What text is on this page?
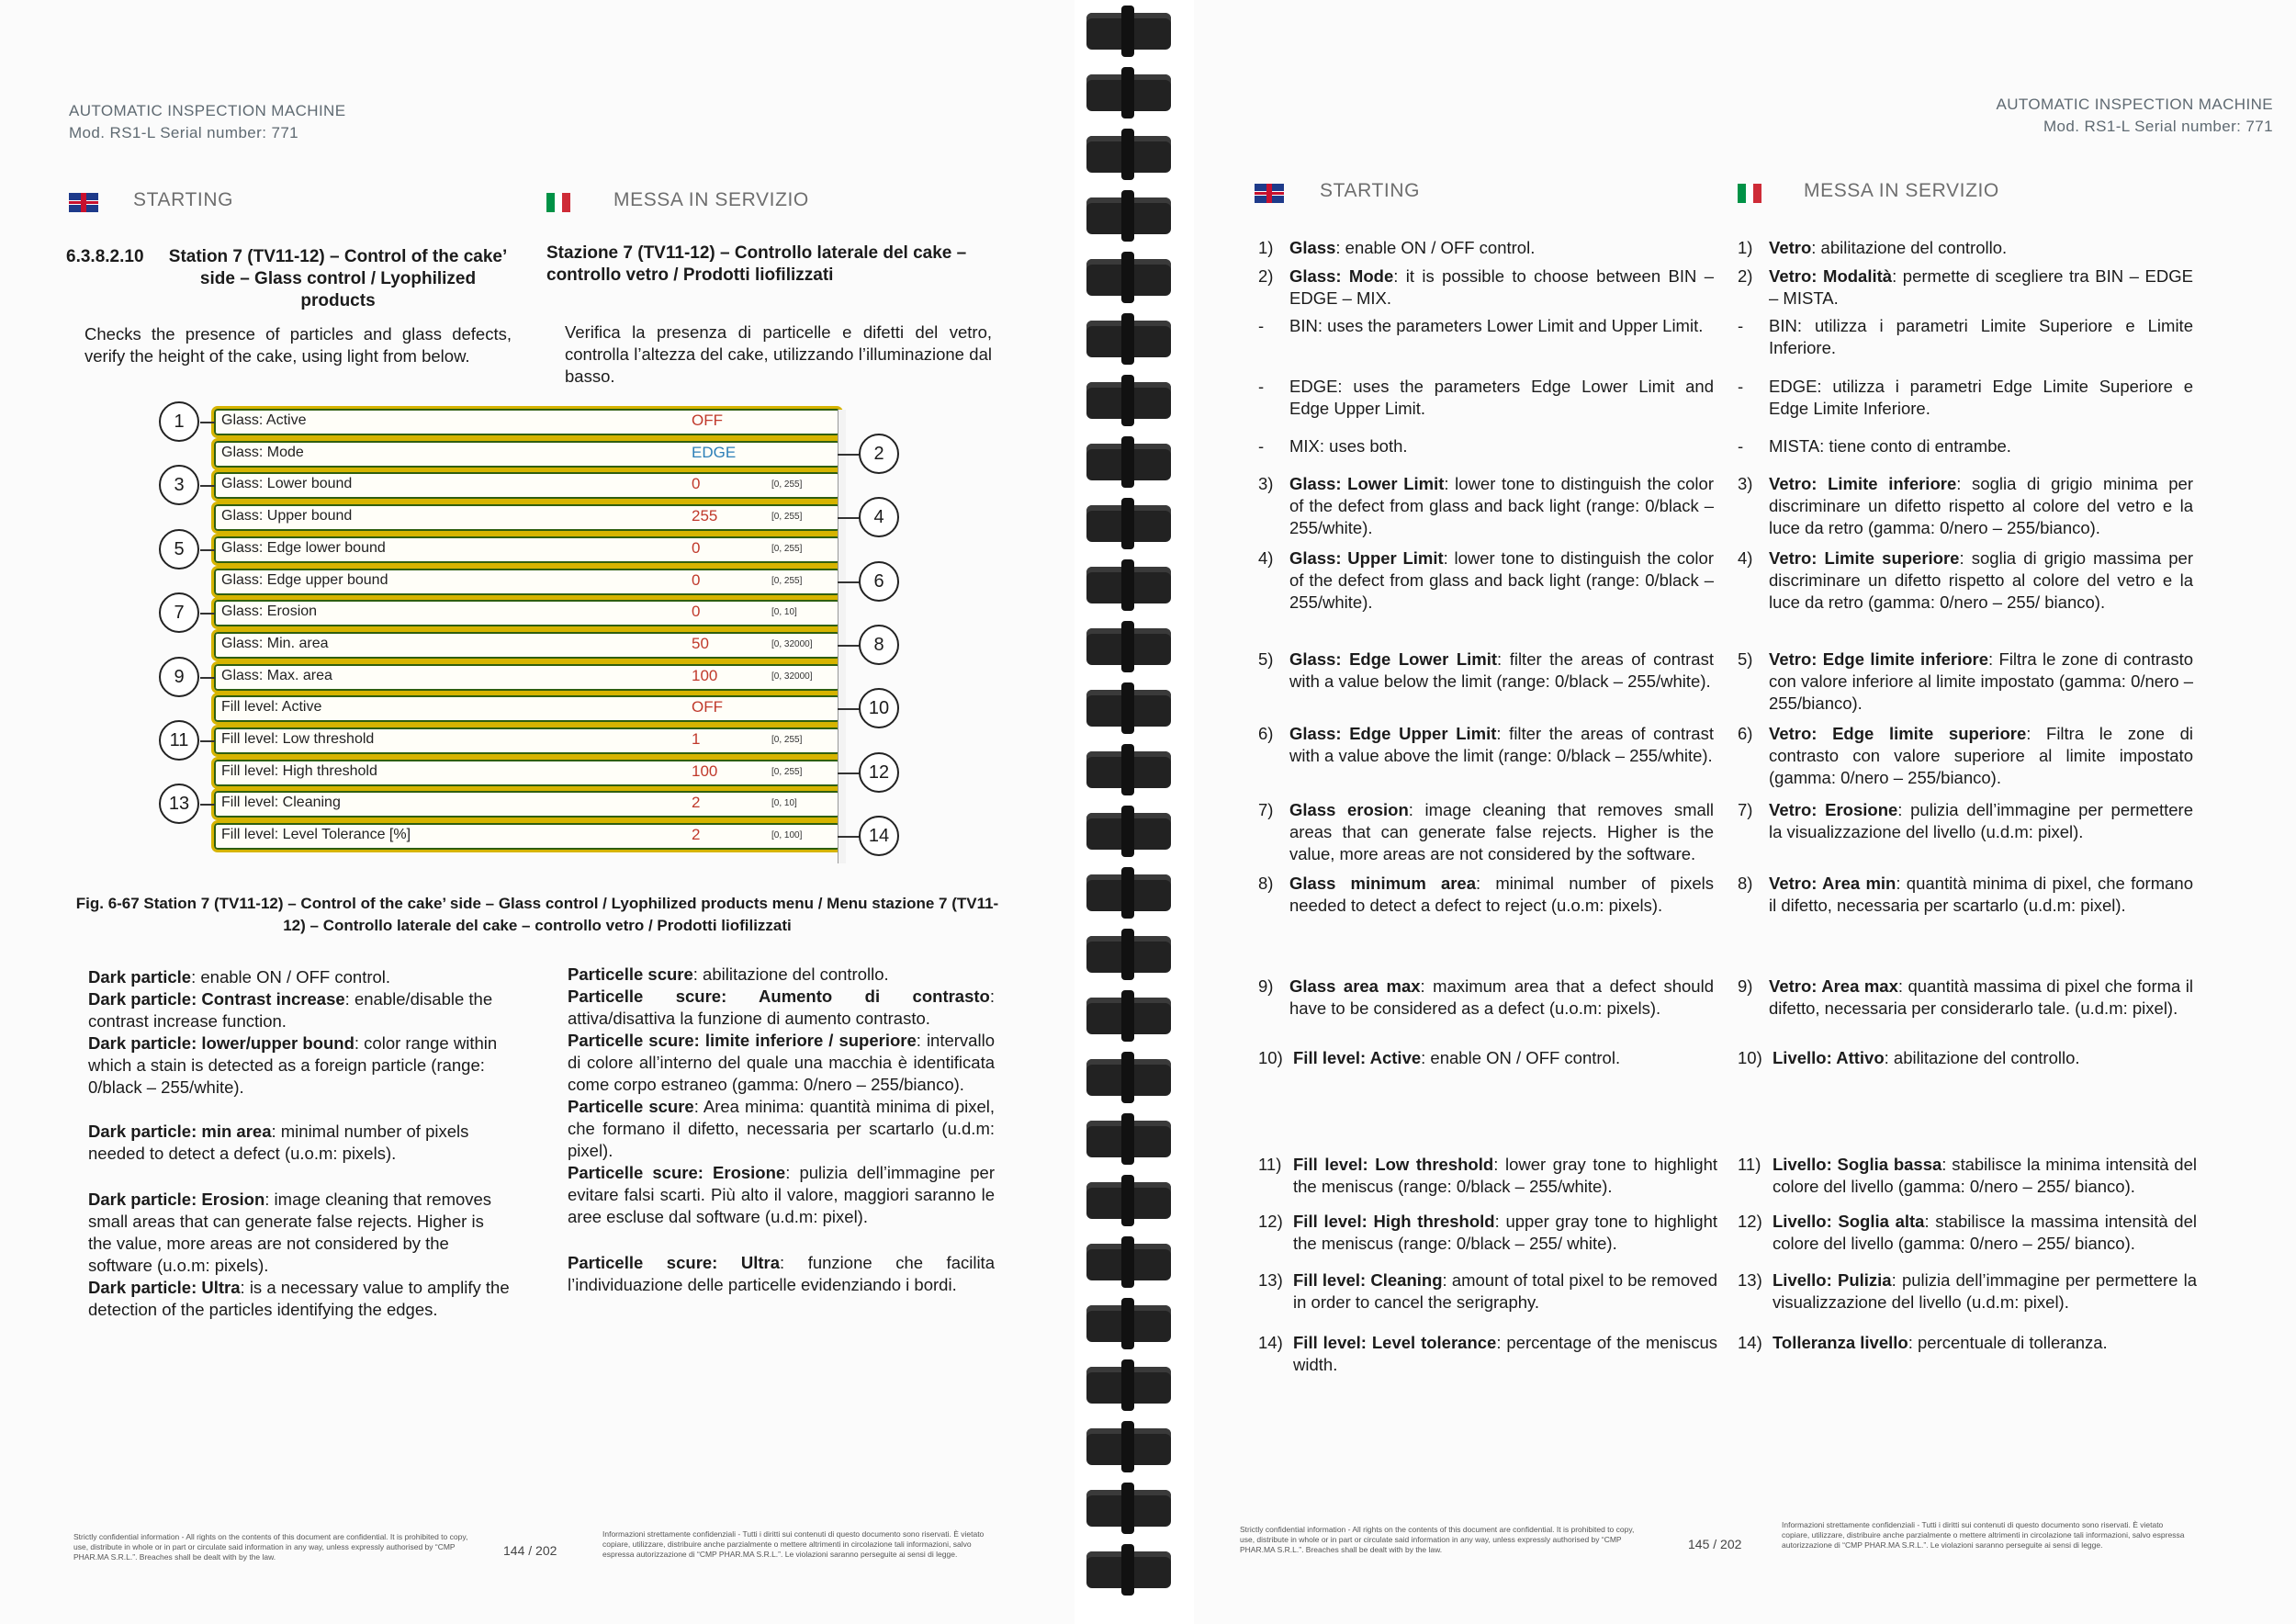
AUTOMATIC INSPECTION MACHINE
Mod. RS1-L Serial number: 771
STARTING	MESSA IN SERVIZIO
6.3.8.2.10 Station 7 (TV11-12) – Control of the cake’ side – Glass control / Lyophilized products
Stazione 7 (TV11-12) – Controllo laterale del cake – controllo vetro / Prodotti liofilizzati
Checks the presence of particles and glass defects, verify the height of the cake, using light from below.
Verifica la presenza di particelle e difetti del vetro, controlla l’altezza del cake, utilizzando l’illuminazione dal basso.
Glass: Active	OFF
Glass: Mode	EDGE
Glass: Lower bound	0	[0, 255]
Glass: Upper bound	255	[0, 255]
Glass: Edge lower bound	0	[0, 255]
Glass: Edge upper bound	0	[0, 255]
Glass: Erosion	0	[0, 10]
Glass: Min. area	50	[0, 32000]
Glass: Max. area	100	[0, 32000]
Fill level: Active	OFF
Fill level: Low threshold	1	[0, 255]
Fill level: High threshold	100	[0, 255]
Fill level: Cleaning	2	[0, 10]
Fill level: Level Tolerance [%]	2	[0, 100]
Fig. 6-67 Station 7 (TV11-12) – Control of the cake’ side – Glass control / Lyophilized products menu / Menu stazione 7 (TV11-12) – Controllo laterale del cake – controllo vetro / Prodotti liofilizzati
Dark particle: enable ON / OFF control.
Dark particle: Contrast increase: enable/disable the contrast increase function.
Dark particle: lower/upper bound: color range within which a stain is detected as a foreign particle (range: 0/black – 255/white).
Dark particle: min area: minimal number of pixels needed to detect a defect (u.o.m: pixels).
Dark particle: Erosion: image cleaning that removes small areas that can generate false rejects. Higher is the value, more areas are not considered by the software (u.o.m: pixels).
Dark particle: Ultra: is a necessary value to amplify the detection of the particles identifying the edges.
Particelle scure: abilitazione del controllo.
Particelle scure: Aumento di contrasto: attiva/disattiva la funzione di aumento contrasto.
Particelle scure: limite inferiore / superiore: intervallo di colore all’interno del quale una macchia è identificata come corpo estraneo (gamma: 0/nero – 255/bianco).
Particelle scure: Area minima: quantità minima di pixel, che formano il difetto, necessaria per scartarlo (u.d.m: pixel).
Particelle scure: Erosione: pulizia dell’immagine per evitare falsi scarti. Più alto il valore, maggiori saranno le aree escluse dal software (u.d.m: pixel).
Particelle scure: Ultra: funzione che facilita l’individuazione delle particelle evidenziando i bordi.
Strictly confidential information - All rights on the contents of this document are confidential. It is prohibited to copy, use, distribute in whole or in part or circulate said information in any way, unless expressly authorised by “CMP PHAR.MA S.R.L.”. Breaches shall be dealt with by the law.	144 / 202
Informazioni strettamente confidenziali - Tutti i diritti sui contenuti di questo documento sono riservati. È vietato copiare, utilizzare, distribuire anche parzialmente o mettere altrimenti in circolazione tali informazioni, salvo espressa autorizzazione di “CMP PHAR.MA S.R.L.”. Le violazioni saranno perseguite ai sensi di legge.
1
2
3
4
5
6
7
8
9
10
11
12
13
14
AUTOMATIC INSPECTION MACHINE
Mod. RS1-L Serial number: 771
STARTING	MESSA IN SERVIZIO
1) Glass: enable ON / OFF control.
2) Glass: Mode: it is possible to choose between BIN – EDGE – MIX.
- BIN: uses the parameters Lower Limit and Upper Limit.
- EDGE: uses the parameters Edge Lower Limit and Edge Upper Limit.
- MIX: uses both.
3) Glass: Lower Limit: lower tone to distinguish the color of the defect from glass and back light (range: 0/black – 255/white).
4) Glass: Upper Limit: lower tone to distinguish the color of the defect from glass and back light (range: 0/black – 255/white).
5) Glass: Edge Lower Limit: filter the areas of contrast with a value below the limit (range: 0/black – 255/white).
6) Glass: Edge Upper Limit: filter the areas of contrast with a value above the limit (range: 0/black – 255/white).
7) Glass erosion: image cleaning that removes small areas that can generate false rejects. Higher is the value, more areas are not considered by the software.
8) Glass minimum area: minimal number of pixels needed to detect a defect to reject (u.o.m: pixels).
9) Glass area max: maximum area that a defect should have to be considered as a defect (u.o.m: pixels).
10) Fill level: Active: enable ON / OFF control.
11) Fill level: Low threshold: lower gray tone to highlight the meniscus (range: 0/black – 255/white).
12) Fill level: High threshold: upper gray tone to highlight the meniscus (range: 0/black – 255/ white).
13) Fill level: Cleaning: amount of total pixel to be removed in order to cancel the serigraphy.
14) Fill level: Level tolerance: percentage of the meniscus width.
1) Vetro: abilitazione del controllo.
2) Vetro: Modalità: permette di scegliere tra BIN – EDGE – MISTA.
- BIN: utilizza i parametri Limite Superiore e Limite Inferiore.
- EDGE: utilizza i parametri Edge Limite Superiore e Edge Limite Inferiore.
- MISTA: tiene conto di entrambe.
3) Vetro: Limite inferiore: soglia di grigio minima per discriminare un difetto rispetto al colore del vetro e la luce da retro (gamma: 0/nero – 255/bianco).
4) Vetro: Limite superiore: soglia di grigio massima per discriminare un difetto rispetto al colore del vetro e la luce da retro (gamma: 0/nero – 255/ bianco).
5) Vetro: Edge limite inferiore: Filtra le zone di contrasto con valore inferiore al limite impostato (gamma: 0/nero – 255/bianco).
6) Vetro: Edge limite superiore: Filtra le zone di contrasto con valore superiore al limite impostato (gamma: 0/nero – 255/bianco).
7) Vetro: Erosione: pulizia dell’immagine per permettere la visualizzazione del livello (u.d.m: pixel).
8) Vetro: Area min: quantità minima di pixel, che formano il difetto, necessaria per scartarlo (u.d.m: pixel).
9) Vetro: Area max: quantità massima di pixel che forma il difetto, necessaria per considerarlo tale. (u.d.m: pixel).
10) Livello: Attivo: abilitazione del controllo.
11) Livello: Soglia bassa: stabilisce la minima intensità del colore del livello (gamma: 0/nero – 255/ bianco).
12) Livello: Soglia alta: stabilisce la massima intensità del colore del livello (gamma: 0/nero – 255/ bianco).
13) Livello: Pulizia: pulizia dell’immagine per permettere la visualizzazione del livello (u.d.m: pixel).
14) Tolleranza livello: percentuale di tolleranza.
Strictly confidential information - All rights on the contents of this document are confidential. It is prohibited to copy, use, distribute in whole or in part or circulate said information in any way, unless expressly authorised by “CMP PHAR.MA S.R.L.”. Breaches shall be dealt with by the law.	145 / 202
Informazioni strettamente confidenziali - Tutti i diritti sui contenuti di questo documento sono riservati. È vietato copiare, utilizzare, distribuire anche parzialmente o mettere altrimenti in circolazione tali informazioni, salvo espressa autorizzazione di “CMP PHAR.MA S.R.L.”. Le violazioni saranno perseguite ai sensi di legge.
